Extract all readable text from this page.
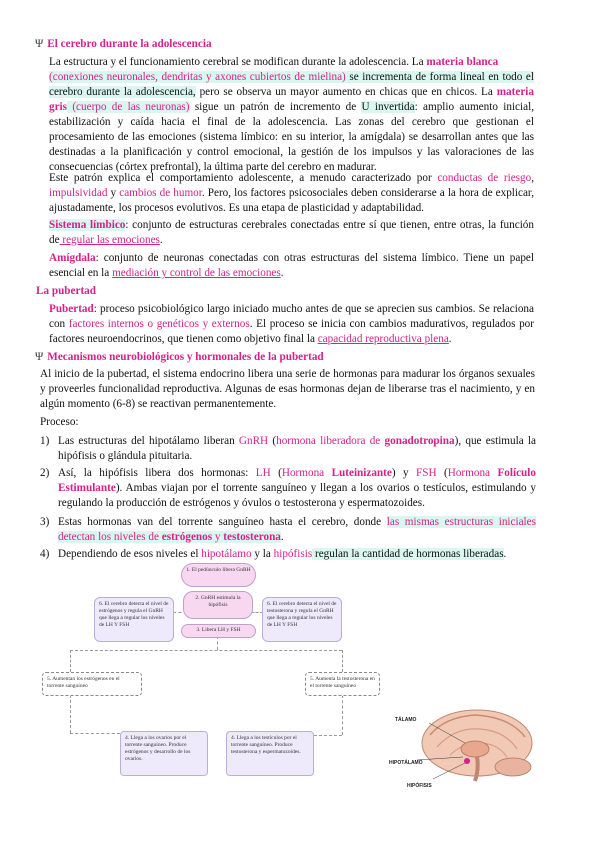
Ψ El cerebro durante la adolescencia

La estructura y el funcionamiento cerebral se modifican durante la adolescencia. La materia blanca
(conexiones neuronales, dendritas y axones cubiertos de mielina) se incrementa de forma lineal en todo el cerebro durante la adolescencia, pero se observa un mayor aumento en chicas que en chicos. La materia gris (cuerpo de las neuronas) sigue un patrón de incremento de U invertida: amplio aumento inicial, estabilización y caída hacia el final de la adolescencia. Las zonas del cerebro que gestionan el procesamiento de las emociones (sistema límbico: en su interior, la amígdala) se desarrollan antes que las destinadas a la planificación y control emocional, la gestión de los impulsos y las valoraciones de las consecuencias (córtex prefrontal), la última parte del cerebro en madurar.

Este patrón explica el comportamiento adolescente, a menudo caracterizado por conductas de riesgo, impulsividad y cambios de humor. Pero, los factores psicosociales deben considerarse a la hora de explicar, ajustadamente, los procesos evolutivos. Es una etapa de plasticidad y adaptabilidad.

Sistema límbico: conjunto de estructuras cerebrales conectadas entre sí que tienen, entre otras, la función de regular las emociones.

Amígdala: conjunto de neuronas conectadas con otras estructuras del sistema límbico. Tiene un papel esencial en la mediación y control de las emociones.

La pubertad

Pubertad: proceso psicobiológico largo iniciado mucho antes de que se aprecien sus cambios. Se relaciona con factores internos o genéticos y externos. El proceso se inicia con cambios madurativos, regulados por factores neuroendocrinos, que tienen como objetivo final la capacidad reproductiva plena.

Ψ Mecanismos neurobiológicos y hormonales de la pubertad

Al inicio de la pubertad, el sistema endocrino libera una serie de hormonas para madurar los órganos sexuales y proveerles funcionalidad reproductiva. Algunas de esas hormonas dejan de liberarse tras el nacimiento, y en algún momento (6-8) se reactivan permanentemente.

Proceso:

1) Las estructuras del hipotálamo liberan GnRH (hormona liberadora de gonadotropina), que estimula la hipófisis o glándula pituitaria.

2) Así, la hipófisis libera dos hormonas: LH (Hormona Luteinizante) y FSH (Hormona Folículo Estimulante). Ambas viajan por el torrente sanguíneo y llegan a los ovarios o testículos, estimulando y regulando la producción de estrógenos y óvulos o testosterona y espermatozoides.

3) Estas hormonas van del torrente sanguíneo hasta el cerebro, donde las mismas estructuras iniciales detectan los niveles de estrógenos y testosterona.

4) Dependiendo de esos niveles el hipotálamo y la hipófisis regulan la cantidad de hormonas liberadas.

1. El pedúnculo libera GnRH
2. GnRH estimula la hipófisis
3. Libera LH y FSH
6. El cerebro detecta el nivel de estrógenos y regula el GnRH que llega a regular los niveles de LH Y FSH
6. El cerebro detecta el nivel de testosterona y regula el GnRH que llega a regular los niveles de LH Y FSH
5. Aumentan los estrógenos en el torrente sanguíneo
5. Aumenta la testosterona en el torrente sanguíneo
4. Llega a los ovarios por el torrente sanguíneo. Produce estrógenos y desarrollo de los ovarios.
4. Llega a los testículos por el torrente sanguíneo. Produce testosterona y espermatozoides.
TÁLAMO
HIPOTÁLAMO
HIPÓFISIS
